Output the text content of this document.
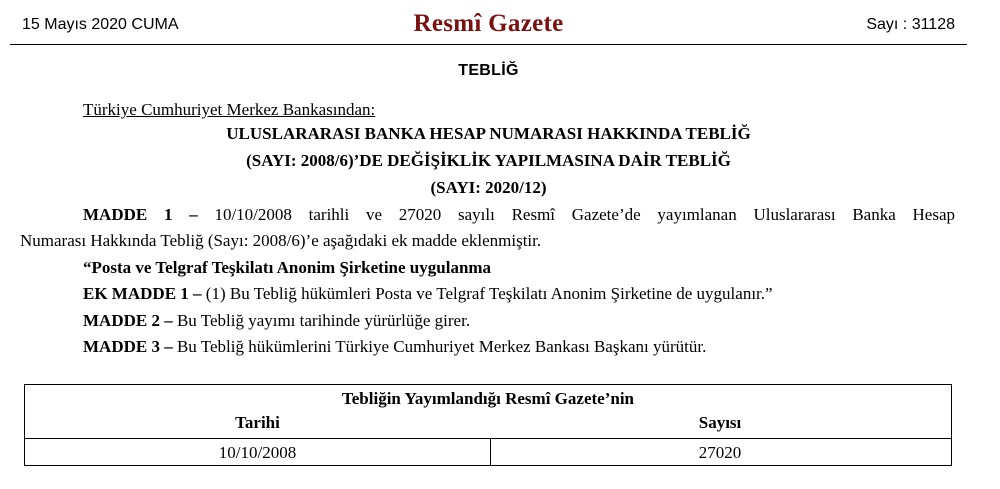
15 Mayıs 2020 CUMA	Resmî Gazete	Sayı : 31128
TEBLİĞ
Türkiye Cumhuriyet Merkez Bankasından:
ULUSLARARASI BANKA HESAP NUMARASI HAKKINDA TEBLİĞ
(SAYI: 2008/6)’DE DEĞİŞİKLİK YAPILMASINA DAİR TEBLİĞ
(SAYI: 2020/12)
MADDE 1 – 10/10/2008 tarihli ve 27020 sayılı Resmî Gazete’de yayımlanan Uluslararası Banka Hesap
Numarası Hakkında Tebliğ (Sayı: 2008/6)’e aşağıdaki ek madde eklenmiştir.
“Posta ve Telgraf Teşkilatı Anonim Şirketine uygulanma
EK MADDE 1 – (1) Bu Tebliğ hükümleri Posta ve Telgraf Teşkilatı Anonim Şirketine de uygulanır.”
MADDE 2 – Bu Tebliğ yayımı tarihinde yürürlüğe girer.
MADDE 3 – Bu Tebliğ hükümlerini Türkiye Cumhuriyet Merkez Bankası Başkanı yürütür.
Tebliğin Yayımlandığı Resmî Gazete’nin
Tarihi	Sayısı
10/10/2008	27020
